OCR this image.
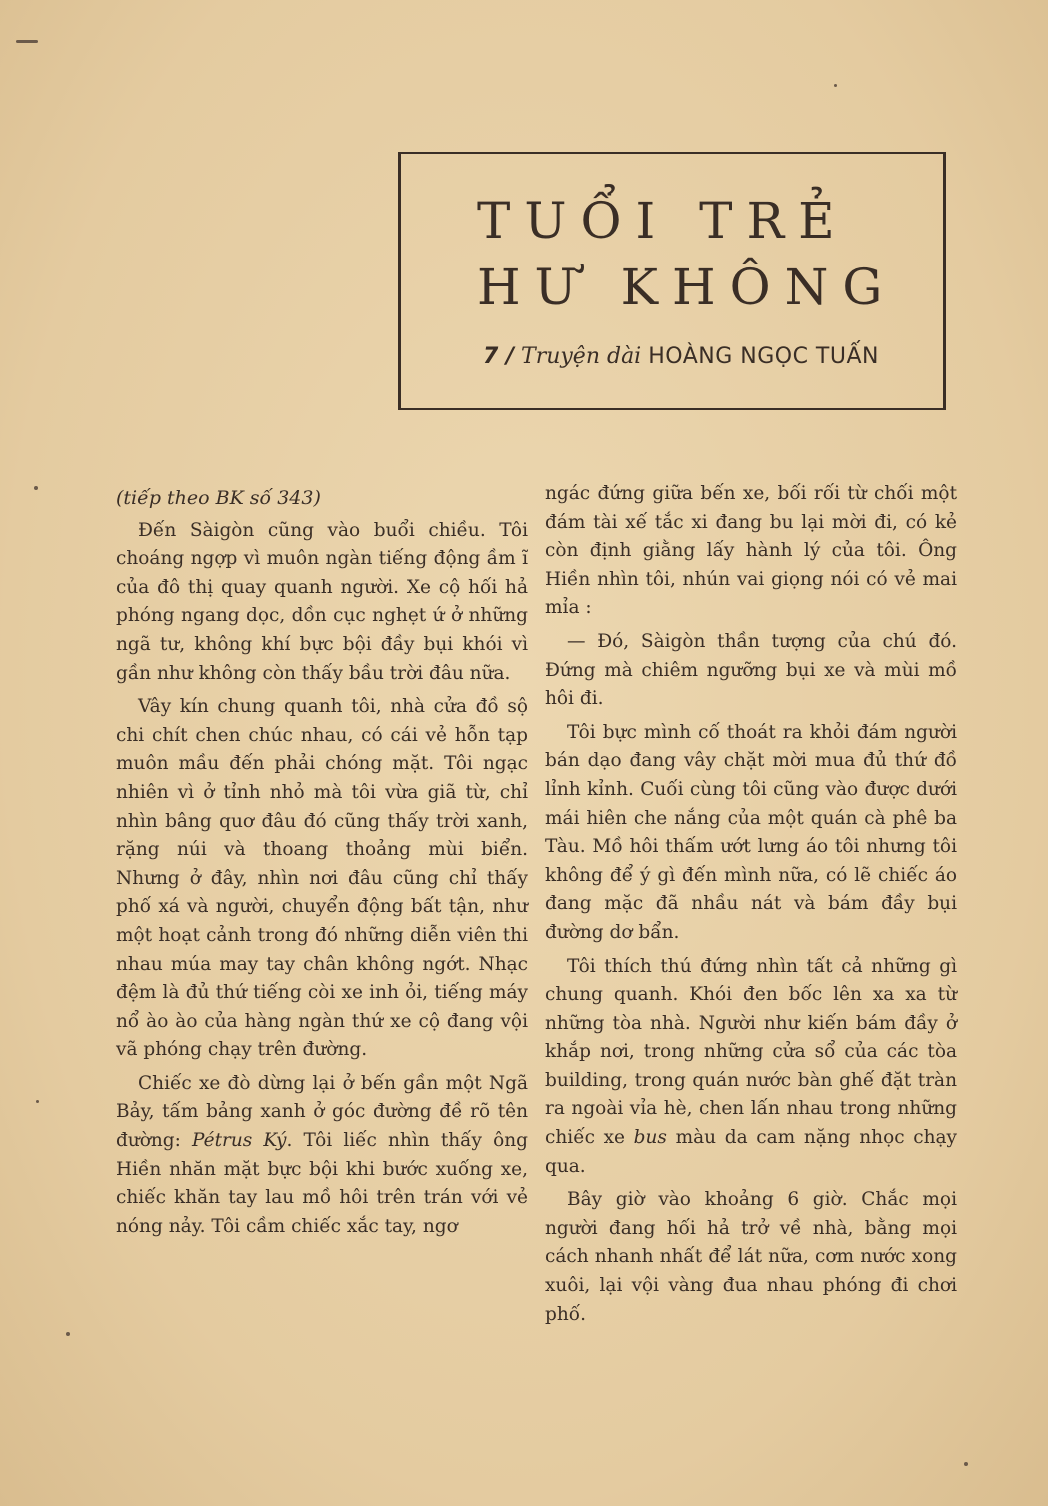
TUỔI TRẺ
HƯ KHÔNG
7 / Truyện dài HOÀNG NGỌC TUẤN
(tiếp theo BK số 343)

Đến Sàigòn cũng vào buổi chiều. Tôi choáng ngợp vì muôn ngàn tiếng động ầm ĩ của đô thị quay quanh người. Xe cộ hối hả phóng ngang dọc, dồn cục nghẹt ứ ở những ngã tư, không khí bực bội đầy bụi khói vì gần như không còn thấy bầu trời đâu nữa.

Vây kín chung quanh tôi, nhà cửa đồ sộ chi chít chen chúc nhau, có cái vẻ hỗn tạp muôn mầu đến phải chóng mặt. Tôi ngạc nhiên vì ở tỉnh nhỏ mà tôi vừa giã từ, chỉ nhìn bâng quơ đâu đó cũng thấy trời xanh, rặng núi và thoang thoảng mùi biển. Nhưng ở đây, nhìn nơi đâu cũng chỉ thấy phố xá và người, chuyển động bất tận, như một hoạt cảnh trong đó những diễn viên thi nhau múa may tay chân không ngớt. Nhạc đệm là đủ thứ tiếng còi xe inh ỏi, tiếng máy nổ ào ào của hàng ngàn thứ xe cộ đang vội vã phóng chạy trên đường.

Chiếc xe đò dừng lại ở bến gần một Ngã Bảy, tấm bảng xanh ở góc đường đề rõ tên đường: Pétrus Ký. Tôi liếc nhìn thấy ông Hiền nhăn mặt bực bội khi bước xuống xe, chiếc khăn tay lau mồ hôi trên trán với vẻ nóng nảy. Tôi cầm chiếc xắc tay, ngơ

ngác đứng giữa bến xe, bối rối từ chối một đám tài xế tắc xi đang bu lại mời đi, có kẻ còn định giằng lấy hành lý của tôi. Ông Hiền nhìn tôi, nhún vai giọng nói có vẻ mai mỉa :

— Đó, Sàigòn thần tượng của chú đó. Đứng mà chiêm ngưỡng bụi xe và mùi mồ hôi đi.

Tôi bực mình cố thoát ra khỏi đám người bán dạo đang vây chặt mời mua đủ thứ đồ lỉnh kỉnh. Cuối cùng tôi cũng vào được dưới mái hiên che nắng của một quán cà phê ba Tàu. Mồ hôi thấm ướt lưng áo tôi nhưng tôi không để ý gì đến mình nữa, có lẽ chiếc áo đang mặc đã nhầu nát và bám đầy bụi đường dơ bẩn.

Tôi thích thú đứng nhìn tất cả những gì chung quanh. Khói đen bốc lên xa xa từ những tòa nhà. Người như kiến bám đầy ở khắp nơi, trong những cửa sổ của các tòa building, trong quán nước bàn ghế đặt tràn ra ngoài vỉa hè, chen lấn nhau trong những chiếc xe bus màu da cam nặng nhọc chạy qua.

Bây giờ vào khoảng 6 giờ. Chắc mọi người đang hối hả trở về nhà, bằng mọi cách nhanh nhất để lát nữa, cơm nước xong xuôi, lại vội vàng đua nhau phóng đi chơi phố.
